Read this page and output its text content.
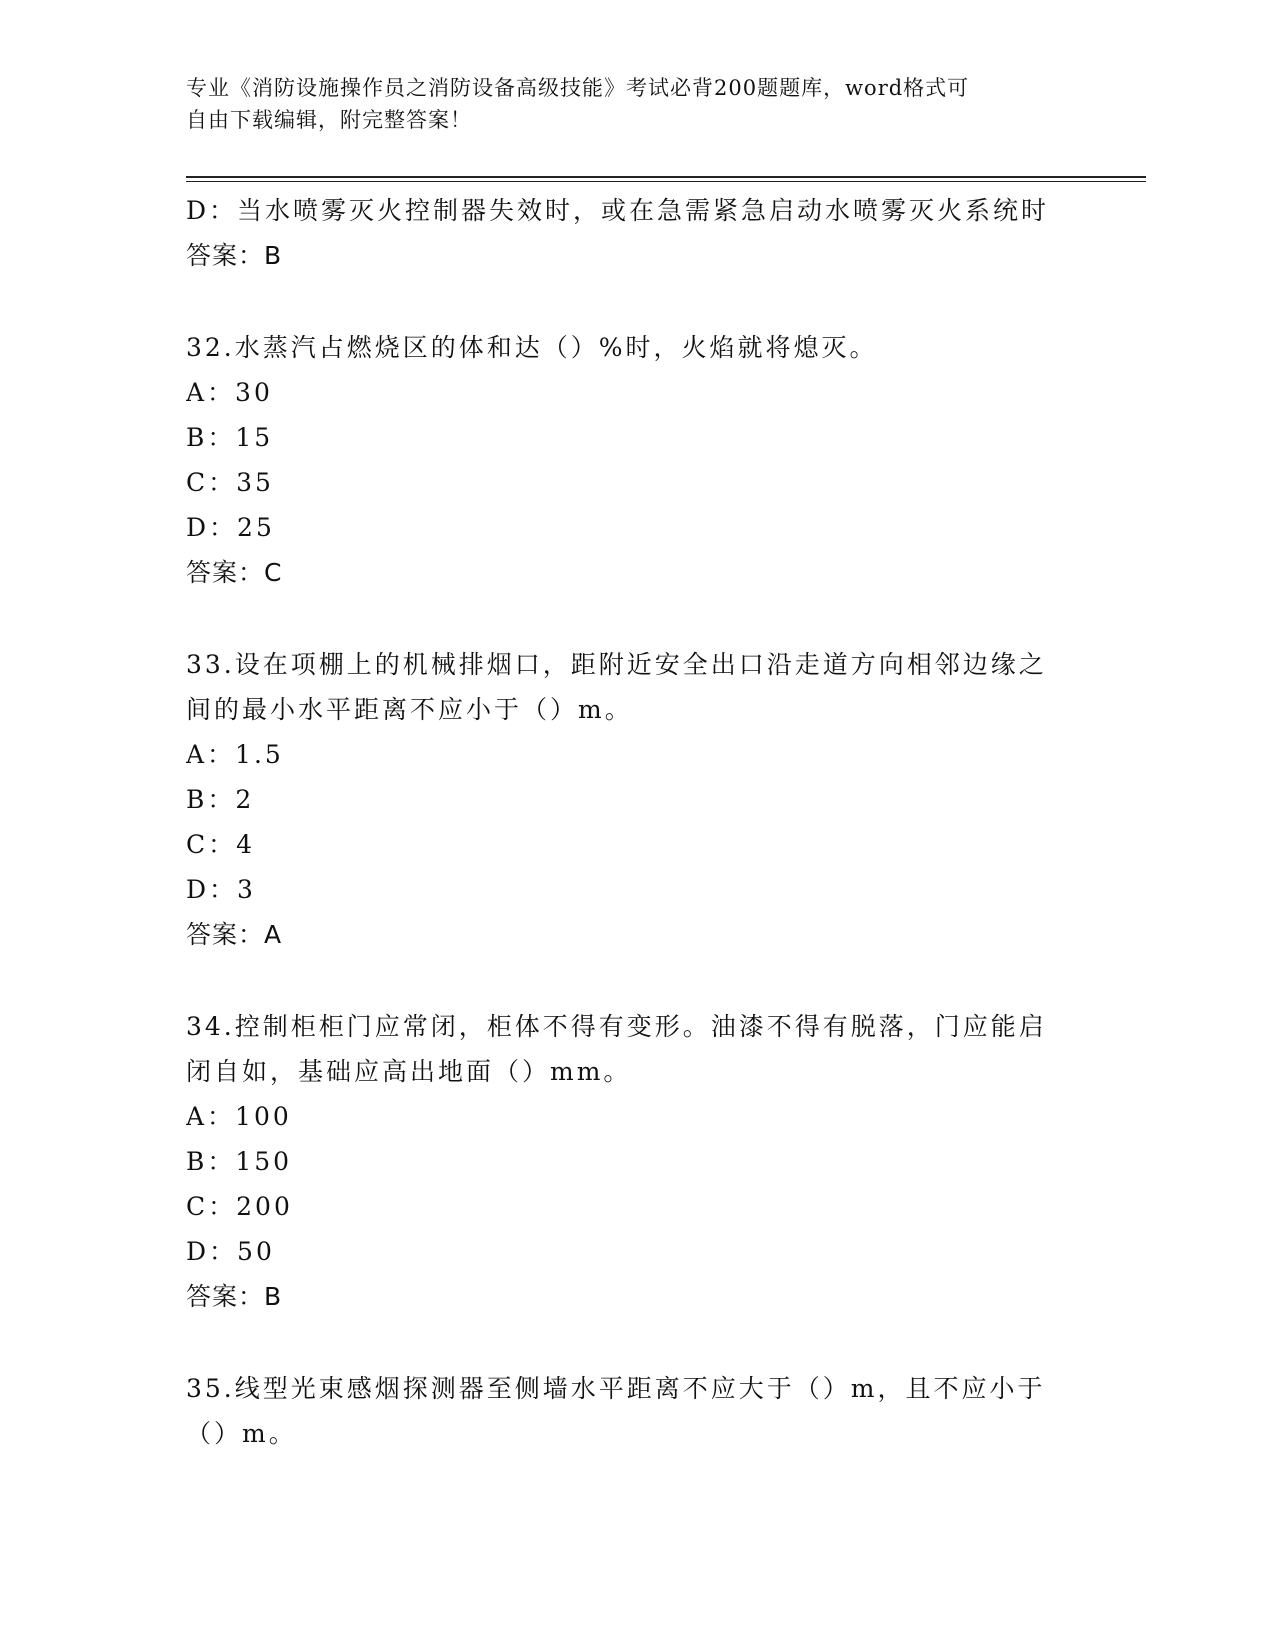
专业《消防设施操作员之消防设备高级技能》考试必背200题题库，word格式可
自由下载编辑，附完整答案！
D：当水喷雾灭火控制器失效时，或在急需紧急启动水喷雾灭火系统时
答案：B
32.水蒸汽占燃烧区的体和达（）%时，火焰就将熄灭。
A：30
B：15
C：35
D：25
答案：C
33.设在项棚上的机械排烟口，距附近安全出口沿走道方向相邻边缘之
间的最小水平距离不应小于（）m。
A：1.5
B：2
C：4
D：3
答案：A
34.控制柜柜门应常闭，柜体不得有变形。油漆不得有脱落，门应能启
闭自如，基础应高出地面（）mm。
A：100
B：150
C：200
D：50
答案：B
35.线型光束感烟探测器至侧墙水平距离不应大于（）m，且不应小于
（）m。
